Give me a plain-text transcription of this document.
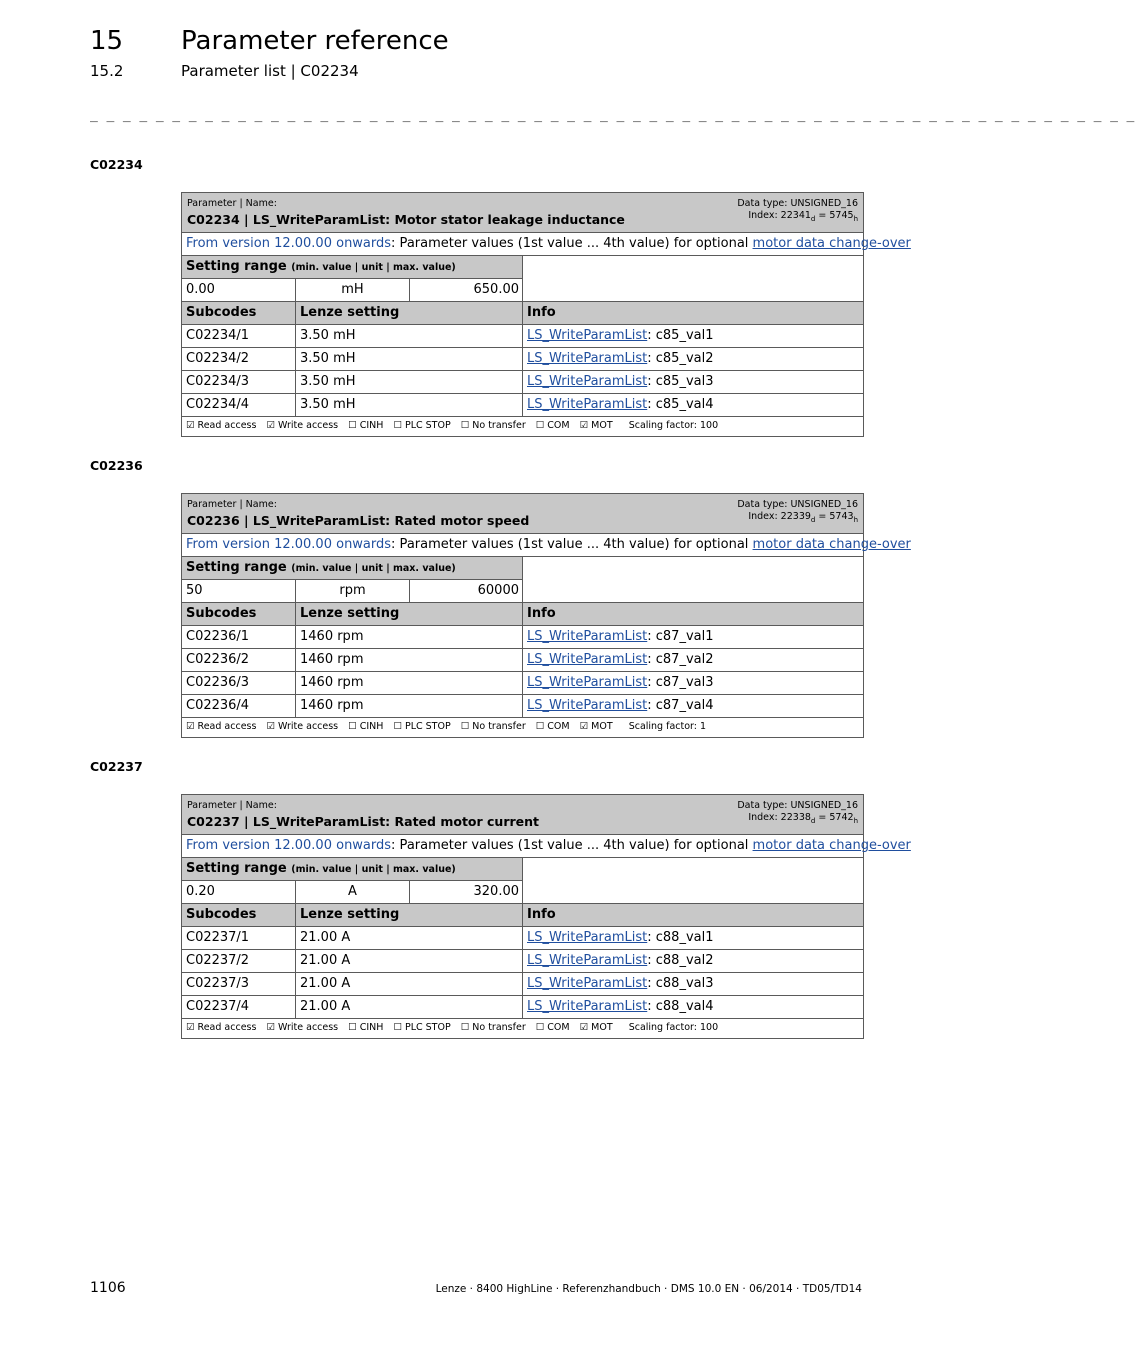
15 Parameter reference
15.2	Parameter list | C02234
_ _ _ _ _ _ _ _ _ _ _ _ _ _ _ _ _ _ _ _ _ _ _ _ _ _ _ _ _ _ _ _ _ _ _ _ _ _ _ _ _ _ _ _ _ _ _ _ _ _ _ _ _ _ _ _ _ _ _ _ _ _ _ _
C02234
Parameter | Name:
C02234 | LS_WriteParamList: Motor stator leakage inductance
Data type: UNSIGNED_16
Index: $22341_d = 5745_h$
From version 12.00.00 onwards: Parameter values (1st value ... 4th value) for optional motor data change-over
Setting range (min. value | unit | max. value)
0.00	mH	650.00
Subcodes	Lenze setting	Info
C02234/1	3.50 mH	LS_WriteParamList: c85_val1
C02234/2	3.50 mH	LS_WriteParamList: c85_val2
C02234/3	3.50 mH	LS_WriteParamList: c85_val3
C02234/4	3.50 mH	LS_WriteParamList: c85_val4
☑ Read access ☑ Write access ☐ CINH ☐ PLC STOP ☐ No transfer ☐ COM ☑ MOT Scaling factor: 100
C02236
Parameter | Name:
C02236 | LS_WriteParamList: Rated motor speed
Data type: UNSIGNED_16
Index: $22339_d = 5743_h$
From version 12.00.00 onwards: Parameter values (1st value ... 4th value) for optional motor data change-over
Setting range (min. value | unit | max. value)
50	rpm	60000
Subcodes	Lenze setting	Info
C02236/1	1460 rpm	LS_WriteParamList: c87_val1
C02236/2	1460 rpm	LS_WriteParamList: c87_val2
C02236/3	1460 rpm	LS_WriteParamList: c87_val3
C02236/4	1460 rpm	LS_WriteParamList: c87_val4
☑ Read access ☑ Write access ☐ CINH ☐ PLC STOP ☐ No transfer ☐ COM ☑ MOT Scaling factor: 1
C02237
Parameter | Name:
C02237 | LS_WriteParamList: Rated motor current
Data type: UNSIGNED_16
Index: $22338_d = 5742_h$
From version 12.00.00 onwards: Parameter values (1st value ... 4th value) for optional motor data change-over
Setting range (min. value | unit | max. value)
0.20	A	320.00
Subcodes	Lenze setting	Info
C02237/1	21.00 A	LS_WriteParamList: c88_val1
C02237/2	21.00 A	LS_WriteParamList: c88_val2
C02237/3	21.00 A	LS_WriteParamList: c88_val3
C02237/4	21.00 A	LS_WriteParamList: c88_val4
☑ Read access ☑ Write access ☐ CINH ☐ PLC STOP ☐ No transfer ☐ COM ☑ MOT Scaling factor: 100
1106	Lenze · 8400 HighLine · Referenzhandbuch · DMS 10.0 EN · 06/2014 · TD05/TD14
